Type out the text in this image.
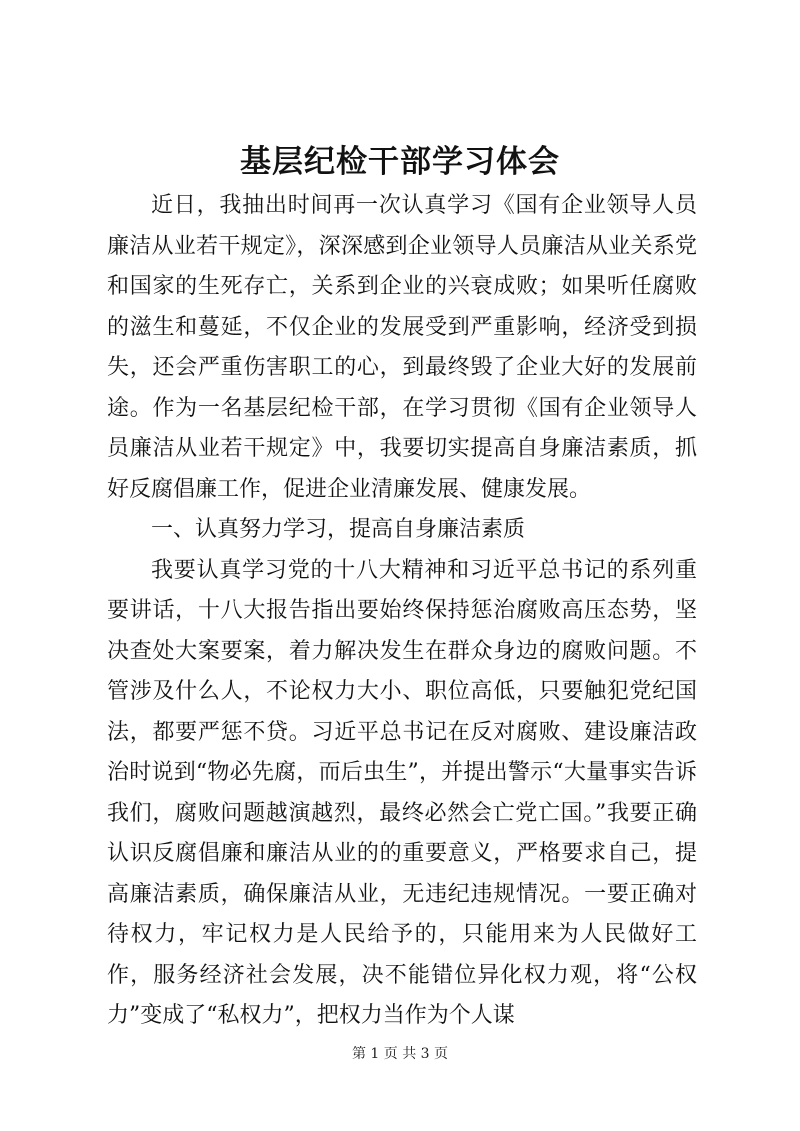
基层纪检干部学习体会

近日，我抽出时间再一次认真学习《国有企业领导人员廉洁从业若干规定》，深深感到企业领导人员廉洁从业关系党和国家的生死存亡，关系到企业的兴衰成败；如果听任腐败的滋生和蔓延，不仅企业的发展受到严重影响，经济受到损失，还会严重伤害职工的心，到最终毁了企业大好的发展前途。作为一名基层纪检干部，在学习贯彻《国有企业领导人员廉洁从业若干规定》中，我要切实提高自身廉洁素质，抓好反腐倡廉工作，促进企业清廉发展、健康发展。

一、认真努力学习，提高自身廉洁素质

我要认真学习党的十八大精神和习近平总书记的系列重要讲话，十八大报告指出要始终保持惩治腐败高压态势，坚决查处大案要案，着力解决发生在群众身边的腐败问题。不管涉及什么人，不论权力大小、职位高低，只要触犯党纪国法，都要严惩不贷。习近平总书记在反对腐败、建设廉洁政治时说到“物必先腐，而后虫生”，并提出警示“大量事实告诉我们，腐败问题越演越烈，最终必然会亡党亡国。”我要正确认识反腐倡廉和廉洁从业的的重要意义，严格要求自己，提高廉洁素质，确保廉洁从业，无违纪违规情况。一要正确对待权力，牢记权力是人民给予的，只能用来为人民做好工作，服务经济社会发展，决不能错位异化权力观，将“公权力”变成了“私权力”，把权力当作为个人谋

第 1 页 共 3 页
